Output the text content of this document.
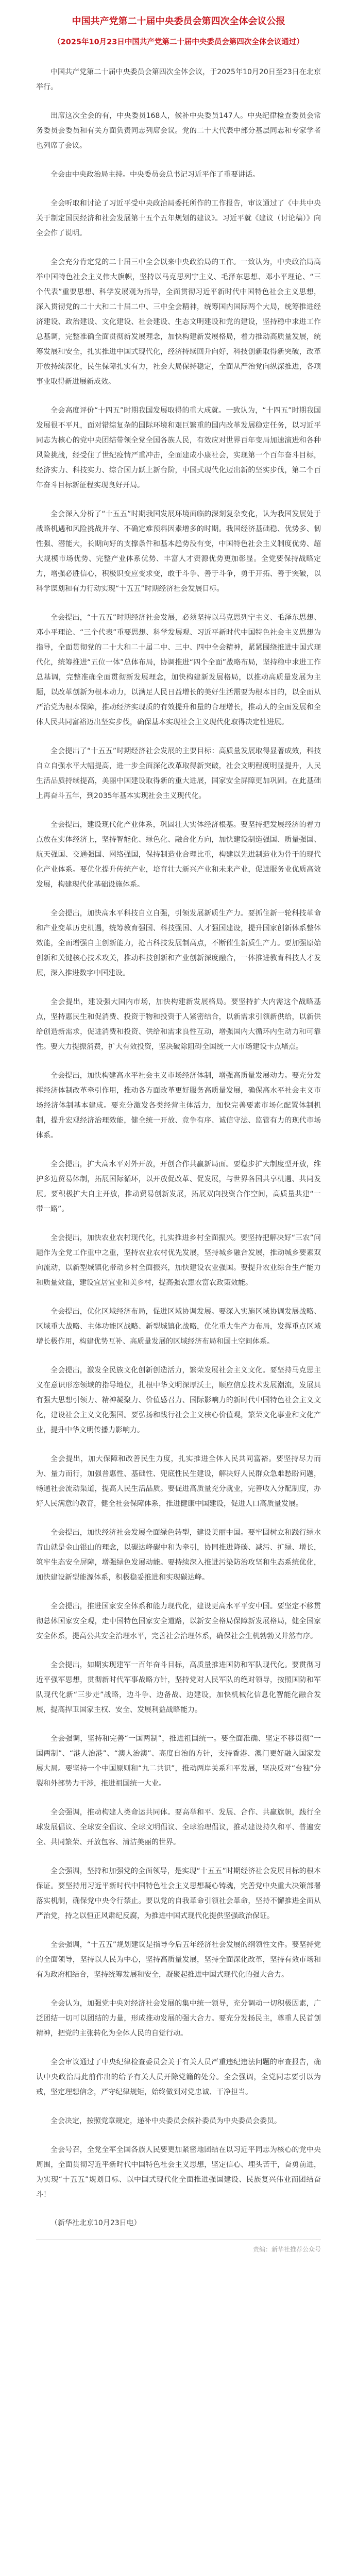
中国共产党第二十届中央委员会第四次全体会议公报
（2025年10月23日中国共产党第二十届中央委员会第四次全体会议通过）

中国共产党第二十届中央委员会第四次全体会议，于2025年10月20日至23日在北京举行。

出席这次全会的有，中央委员168人，候补中央委员147人。中央纪律检查委员会常务委员会委员和有关方面负责同志列席会议。党的二十大代表中部分基层同志和专家学者也列席了会议。

全会由中央政治局主持。中央委员会总书记习近平作了重要讲话。

全会听取和讨论了习近平受中央政治局委托所作的工作报告，审议通过了《中共中央关于制定国民经济和社会发展第十五个五年规划的建议》。习近平就《建议（讨论稿）》向全会作了说明。

全会充分肯定党的二十届三中全会以来中央政治局的工作。一致认为，中央政治局高举中国特色社会主义伟大旗帜，坚持以马克思列宁主义、毛泽东思想、邓小平理论、“三个代表”重要思想、科学发展观为指导，全面贯彻习近平新时代中国特色社会主义思想，深入贯彻党的二十大和二十届二中、三中全会精神，统筹国内国际两个大局，统筹推进经济建设、政治建设、文化建设、社会建设、生态文明建设和党的建设，坚持稳中求进工作总基调，完整准确全面贯彻新发展理念，加快构建新发展格局，着力推动高质量发展，统筹发展和安全，扎实推进中国式现代化，经济持续回升向好，科技创新取得新突破，改革开放持续深化，民生保障扎实有力，社会大局保持稳定，全面从严治党向纵深推进，各项事业取得新进展新成效。

全会高度评价“十四五”时期我国发展取得的重大成就。一致认为，“十四五”时期我国发展很不平凡，面对错综复杂的国际环境和艰巨繁重的国内改革发展稳定任务，以习近平同志为核心的党中央团结带领全党全国各族人民，有效应对世界百年变局加速演进和各种风险挑战，经受住了世纪疫情严重冲击，全面建成小康社会，实现第一个百年奋斗目标，经济实力、科技实力、综合国力跃上新台阶，中国式现代化迈出新的坚实步伐，第二个百年奋斗目标新征程实现良好开局。

全会深入分析了“十五五”时期我国发展环境面临的深刻复杂变化，认为我国发展处于战略机遇和风险挑战并存、不确定难预料因素增多的时期。我国经济基础稳、优势多、韧性强、潜能大，长期向好的支撑条件和基本趋势没有变，中国特色社会主义制度优势、超大规模市场优势、完整产业体系优势、丰富人才资源优势更加彰显。全党要保持战略定力，增强必胜信心，积极识变应变求变，敢于斗争、善于斗争，勇于开拓、善于突破，以科学谋划和有力行动实现“十五五”时期经济社会发展目标。

全会提出，“十五五”时期经济社会发展，必须坚持以马克思列宁主义、毛泽东思想、邓小平理论、“三个代表”重要思想、科学发展观、习近平新时代中国特色社会主义思想为指导，全面贯彻党的二十大和二十届二中、三中、四中全会精神，紧紧围绕推进中国式现代化，统筹推进“五位一体”总体布局，协调推进“四个全面”战略布局，坚持稳中求进工作总基调，完整准确全面贯彻新发展理念，加快构建新发展格局，以推动高质量发展为主题，以改革创新为根本动力，以满足人民日益增长的美好生活需要为根本目的，以全面从严治党为根本保障，推动经济实现质的有效提升和量的合理增长，推动人的全面发展和全体人民共同富裕迈出坚实步伐，确保基本实现社会主义现代化取得决定性进展。

全会提出了“十五五”时期经济社会发展的主要目标：高质量发展取得显著成效，科技自立自强水平大幅提高，进一步全面深化改革取得新突破，社会文明程度明显提升，人民生活品质持续提高，美丽中国建设取得新的重大进展，国家安全屏障更加巩固。在此基础上再奋斗五年，到2035年基本实现社会主义现代化。

全会提出，建设现代化产业体系，巩固壮大实体经济根基。要坚持把发展经济的着力点放在实体经济上，坚持智能化、绿色化、融合化方向，加快建设制造强国、质量强国、航天强国、交通强国、网络强国，保持制造业合理比重，构建以先进制造业为骨干的现代化产业体系。要优化提升传统产业，培育壮大新兴产业和未来产业，促进服务业优质高效发展，构建现代化基础设施体系。

全会提出，加快高水平科技自立自强，引领发展新质生产力。要抓住新一轮科技革命和产业变革历史机遇，统筹教育强国、科技强国、人才强国建设，提升国家创新体系整体效能，全面增强自主创新能力，抢占科技发展制高点，不断催生新质生产力。要加强原始创新和关键核心技术攻关，推动科技创新和产业创新深度融合，一体推进教育科技人才发展，深入推进数字中国建设。

全会提出，建设强大国内市场，加快构建新发展格局。要坚持扩大内需这个战略基点，坚持惠民生和促消费、投资于物和投资于人紧密结合，以新需求引领新供给，以新供给创造新需求，促进消费和投资、供给和需求良性互动，增强国内大循环内生动力和可靠性。要大力提振消费，扩大有效投资，坚决破除阻碍全国统一大市场建设卡点堵点。

全会提出，加快构建高水平社会主义市场经济体制，增强高质量发展动力。要充分发挥经济体制改革牵引作用，推动各方面改革更好服务高质量发展，确保高水平社会主义市场经济体制基本建成。要充分激发各类经营主体活力，加快完善要素市场化配置体制机制，提升宏观经济治理效能，健全统一开放、竞争有序、诚信守法、监管有力的现代市场体系。

全会提出，扩大高水平对外开放，开创合作共赢新局面。要稳步扩大制度型开放，维护多边贸易体制，拓展国际循环，以开放促改革、促发展，与世界各国共享机遇、共同发展。要积极扩大自主开放，推动贸易创新发展，拓展双向投资合作空间，高质量共建“一带一路”。

全会提出，加快农业农村现代化，扎实推进乡村全面振兴。要坚持把解决好“三农”问题作为全党工作重中之重，坚持农业农村优先发展，坚持城乡融合发展，推动城乡要素双向流动，以新型城镇化带动乡村全面振兴，加快建设农业强国。要提升农业综合生产能力和质量效益，建设宜居宜业和美乡村，提高强农惠农富农政策效能。

全会提出，优化区域经济布局，促进区域协调发展。要深入实施区域协调发展战略、区域重大战略、主体功能区战略、新型城镇化战略，优化重大生产力布局，发挥重点区域增长极作用，构建优势互补、高质量发展的区域经济布局和国土空间体系。

全会提出，激发全民族文化创新创造活力，繁荣发展社会主义文化。要坚持马克思主义在意识形态领域的指导地位，扎根中华文明深厚沃土，顺应信息技术发展潮流，发展具有强大思想引领力、精神凝聚力、价值感召力、国际影响力的新时代中国特色社会主义文化，建设社会主义文化强国。要弘扬和践行社会主义核心价值观，繁荣文化事业和文化产业，提升中华文明传播力影响力。

全会提出，加大保障和改善民生力度，扎实推进全体人民共同富裕。要坚持尽力而为、量力而行，加强普惠性、基础性、兜底性民生建设，解决好人民群众急难愁盼问题，畅通社会流动渠道，提高人民生活品质。要促进高质量充分就业，完善收入分配制度，办好人民满意的教育，健全社会保障体系，推进健康中国建设，促进人口高质量发展。

全会提出，加快经济社会发展全面绿色转型，建设美丽中国。要牢固树立和践行绿水青山就是金山银山的理念，以碳达峰碳中和为牵引，协同推进降碳、减污、扩绿、增长，筑牢生态安全屏障，增强绿色发展动能。要持续深入推进污染防治攻坚和生态系统优化，加快建设新型能源体系，积极稳妥推进和实现碳达峰。

全会提出，推进国家安全体系和能力现代化，建设更高水平平安中国。要坚定不移贯彻总体国家安全观，走中国特色国家安全道路，以新安全格局保障新发展格局，健全国家安全体系，提高公共安全治理水平，完善社会治理体系，确保社会生机勃勃又井然有序。

全会提出，如期实现建军一百年奋斗目标，高质量推进国防和军队现代化。要贯彻习近平强军思想，贯彻新时代军事战略方针，坚持党对人民军队的绝对领导，按照国防和军队现代化新“三步走”战略，边斗争、边备战、边建设，加快机械化信息化智能化融合发展，提高捍卫国家主权、安全、发展利益战略能力。

全会强调，坚持和完善“一国两制”，推进祖国统一。要全面准确、坚定不移贯彻“一国两制”、“港人治港”、“澳人治澳”、高度自治的方针，支持香港、澳门更好融入国家发展大局。要坚持一个中国原则和“九二共识”，推动两岸关系和平发展，坚决反对“台独”分裂和外部势力干涉，推进祖国统一大业。

全会强调，推动构建人类命运共同体。要高举和平、发展、合作、共赢旗帜，践行全球发展倡议、全球安全倡议、全球文明倡议、全球治理倡议，推动建设持久和平、普遍安全、共同繁荣、开放包容、清洁美丽的世界。

全会强调，坚持和加强党的全面领导，是实现“十五五”时期经济社会发展目标的根本保证。要坚持用习近平新时代中国特色社会主义思想凝心铸魂，完善党中央重大决策部署落实机制，确保党中央令行禁止。要以党的自我革命引领社会革命，坚持不懈推进全面从严治党，持之以恒正风肃纪反腐，为推进中国式现代化提供坚强政治保证。

全会强调，“十五五”规划建议是指导今后五年经济社会发展的纲领性文件。要坚持党的全面领导，坚持以人民为中心，坚持高质量发展，坚持全面深化改革，坚持有效市场和有为政府相结合，坚持统筹发展和安全，凝聚起推进中国式现代化的强大合力。

全会认为，加强党中央对经济社会发展的集中统一领导，充分调动一切积极因素，广泛团结一切可以团结的力量，形成推动发展的强大合力。要充分发扬民主，尊重人民首创精神，把党的主张转化为全体人民的自觉行动。

全会审议通过了中央纪律检查委员会关于有关人员严重违纪违法问题的审查报告，确认中央政治局此前作出的给予有关人员开除党籍的处分。全会强调，全党同志要引以为戒，坚定理想信念，严守纪律规矩，始终做到对党忠诚、干净担当。

全会决定，按照党章规定，递补中央委员会候补委员为中央委员会委员。

全会号召，全党全军全国各族人民要更加紧密地团结在以习近平同志为核心的党中央周围，全面贯彻习近平新时代中国特色社会主义思想，坚定信心、埋头苦干，奋勇前进，为实现“十五五”规划目标、以中国式现代化全面推进强国建设、民族复兴伟业而团结奋斗！

（新华社北京10月23日电）
责编：新华社推荐公众号
